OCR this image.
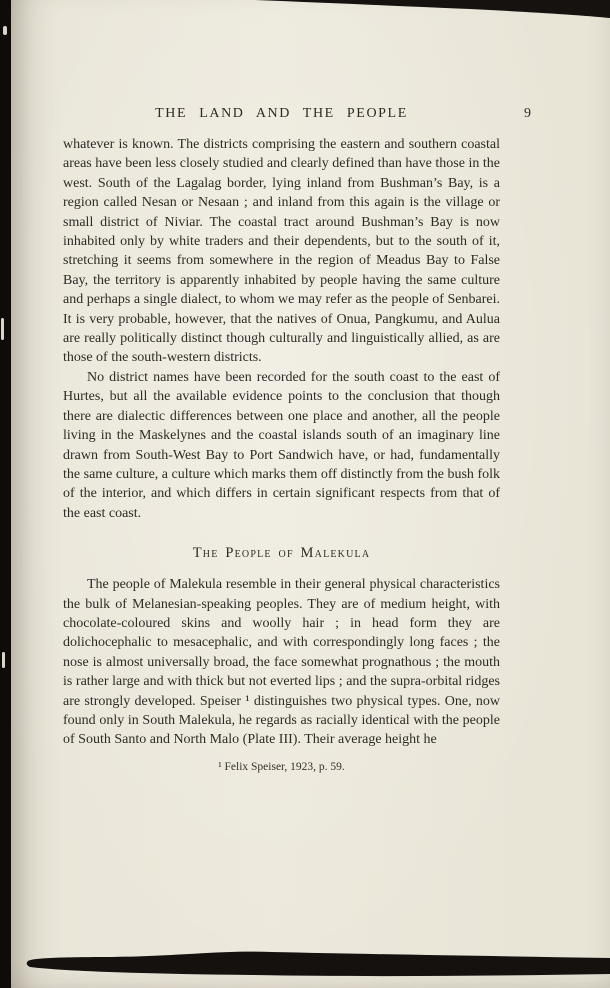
THE LAND AND THE PEOPLE	9

whatever is known. The districts comprising the eastern and southern coastal areas have been less closely studied and clearly defined than have those in the west. South of the Lagalag border, lying inland from Bushman’s Bay, is a region called Nesan or Nesaan ; and inland from this again is the village or small district of Niviar. The coastal tract around Bushman’s Bay is now inhabited only by white traders and their dependents, but to the south of it, stretching it seems from somewhere in the region of Meadus Bay to False Bay, the territory is apparently inhabited by people having the same culture and perhaps a single dialect, to whom we may refer as the people of Senbarei. It is very probable, however, that the natives of Onua, Pangkumu, and Aulua are really politically distinct though culturally and linguistically allied, as are those of the south-western districts.

No district names have been recorded for the south coast to the east of Hurtes, but all the available evidence points to the conclusion that though there are dialectic differences between one place and another, all the people living in the Maskelynes and the coastal islands south of an imaginary line drawn from South-West Bay to Port Sandwich have, or had, fundamentally the same culture, a culture which marks them off distinctly from the bush folk of the interior, and which differs in certain significant respects from that of the east coast.

The People of Malekula

The people of Malekula resemble in their general physical characteristics the bulk of Melanesian-speaking peoples. They are of medium height, with chocolate-coloured skins and woolly hair ; in head form they are dolichocephalic to mesacephalic, and with correspondingly long faces ; the nose is almost universally broad, the face somewhat prognathous ; the mouth is rather large and with thick but not everted lips ; and the supra-orbital ridges are strongly developed. Speiser ¹ distinguishes two physical types. One, now found only in South Malekula, he regards as racially identical with the people of South Santo and North Malo (Plate III). Their average height he

¹ Felix Speiser, 1923, p. 59.
